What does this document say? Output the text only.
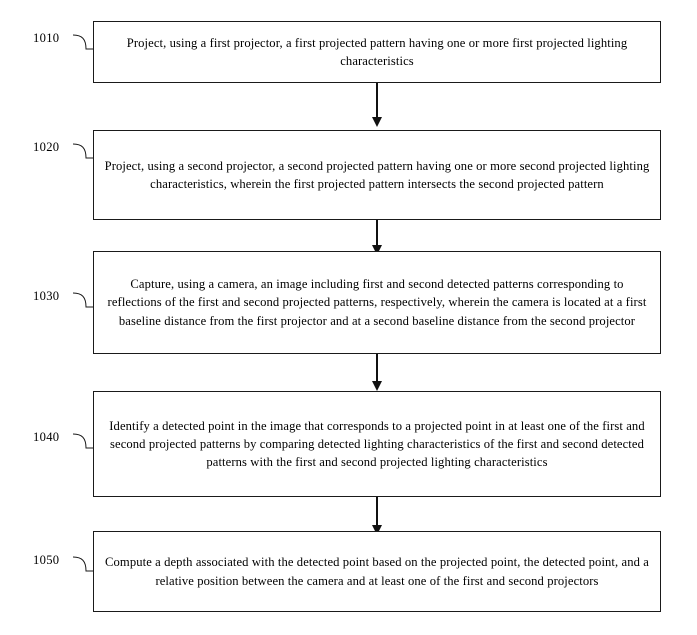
1010	Project, using a first projector, a first projected pattern having one or more first projected lighting characteristics
1020
Project, using a second projector, a second projected pattern having one or more second projected lighting characteristics, wherein the first projected pattern intersects the second projected pattern
1030
Capture, using a camera, an image including first and second detected patterns corresponding to reflections of the first and second projected patterns, respectively, wherein the camera is located at a first baseline distance from the first projector and at a second baseline distance from the second projector
1040
Identify a detected point in the image that corresponds to a projected point in at least one of the first and second projected patterns by comparing detected lighting characteristics of the first and second detected patterns with the first and second projected lighting characteristics
1050	Compute a depth associated with the detected point based on the projected point, the detected point, and a relative position between the camera and at least one of the first and second projectors
